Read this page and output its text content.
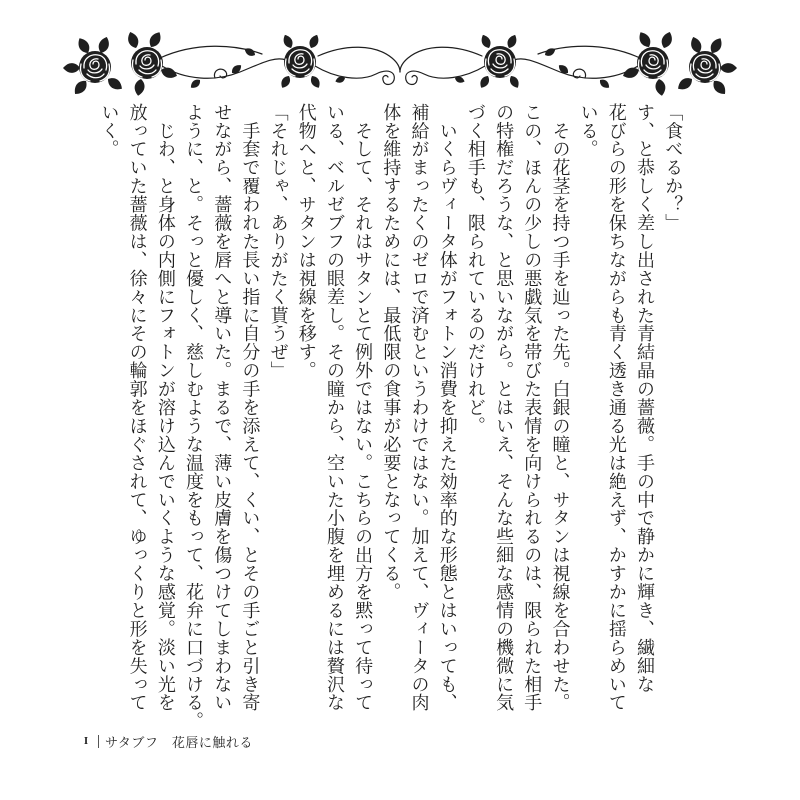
「食べるか？」
す、と恭しく差し出された青結晶の薔薇。手の中で静かに輝き、繊細な
花びらの形を保ちながらも青く透き通る光は絶えず、かすかに揺らめいて
いる。
　その花茎を持つ手を辿った先。白銀の瞳と、サタンは視線を合わせた。
この、ほんの少しの悪戯気を帯びた表情を向けられるのは、限られた相手
の特権だろうな、と思いながら。とはいえ、そんな些細な感情の機微に気
づく相手も、限られているのだけれど。
　いくらヴィータ体がフォトン消費を抑えた効率的な形態とはいっても、
補給がまったくのゼロで済むというわけではない。加えて、ヴィータの肉
体を維持するためには、最低限の食事が必要となってくる。
　そして、それはサタンとて例外ではない。こちらの出方を黙って待って
いる、ベルゼブフの眼差し。その瞳から、空いた小腹を埋めるには贅沢な
代物へと、サタンは視線を移す。
「それじゃ、ありがたく貰うぜ」
　手套で覆われた長い指に自分の手を添えて、くい、とその手ごと引き寄
せながら、薔薇を唇へと導いた。まるで、薄い皮膚を傷つけてしまわない
ように、と。そっと優しく、慈しむような温度をもって、花弁に口づける。
　じわ、と身体の内側にフォトンが溶け込んでいくような感覚。淡い光を
放っていた薔薇は、徐々にその輪郭をほぐされて、ゆっくりと形を失って
いく。
I サタブフ　花唇に触れる
